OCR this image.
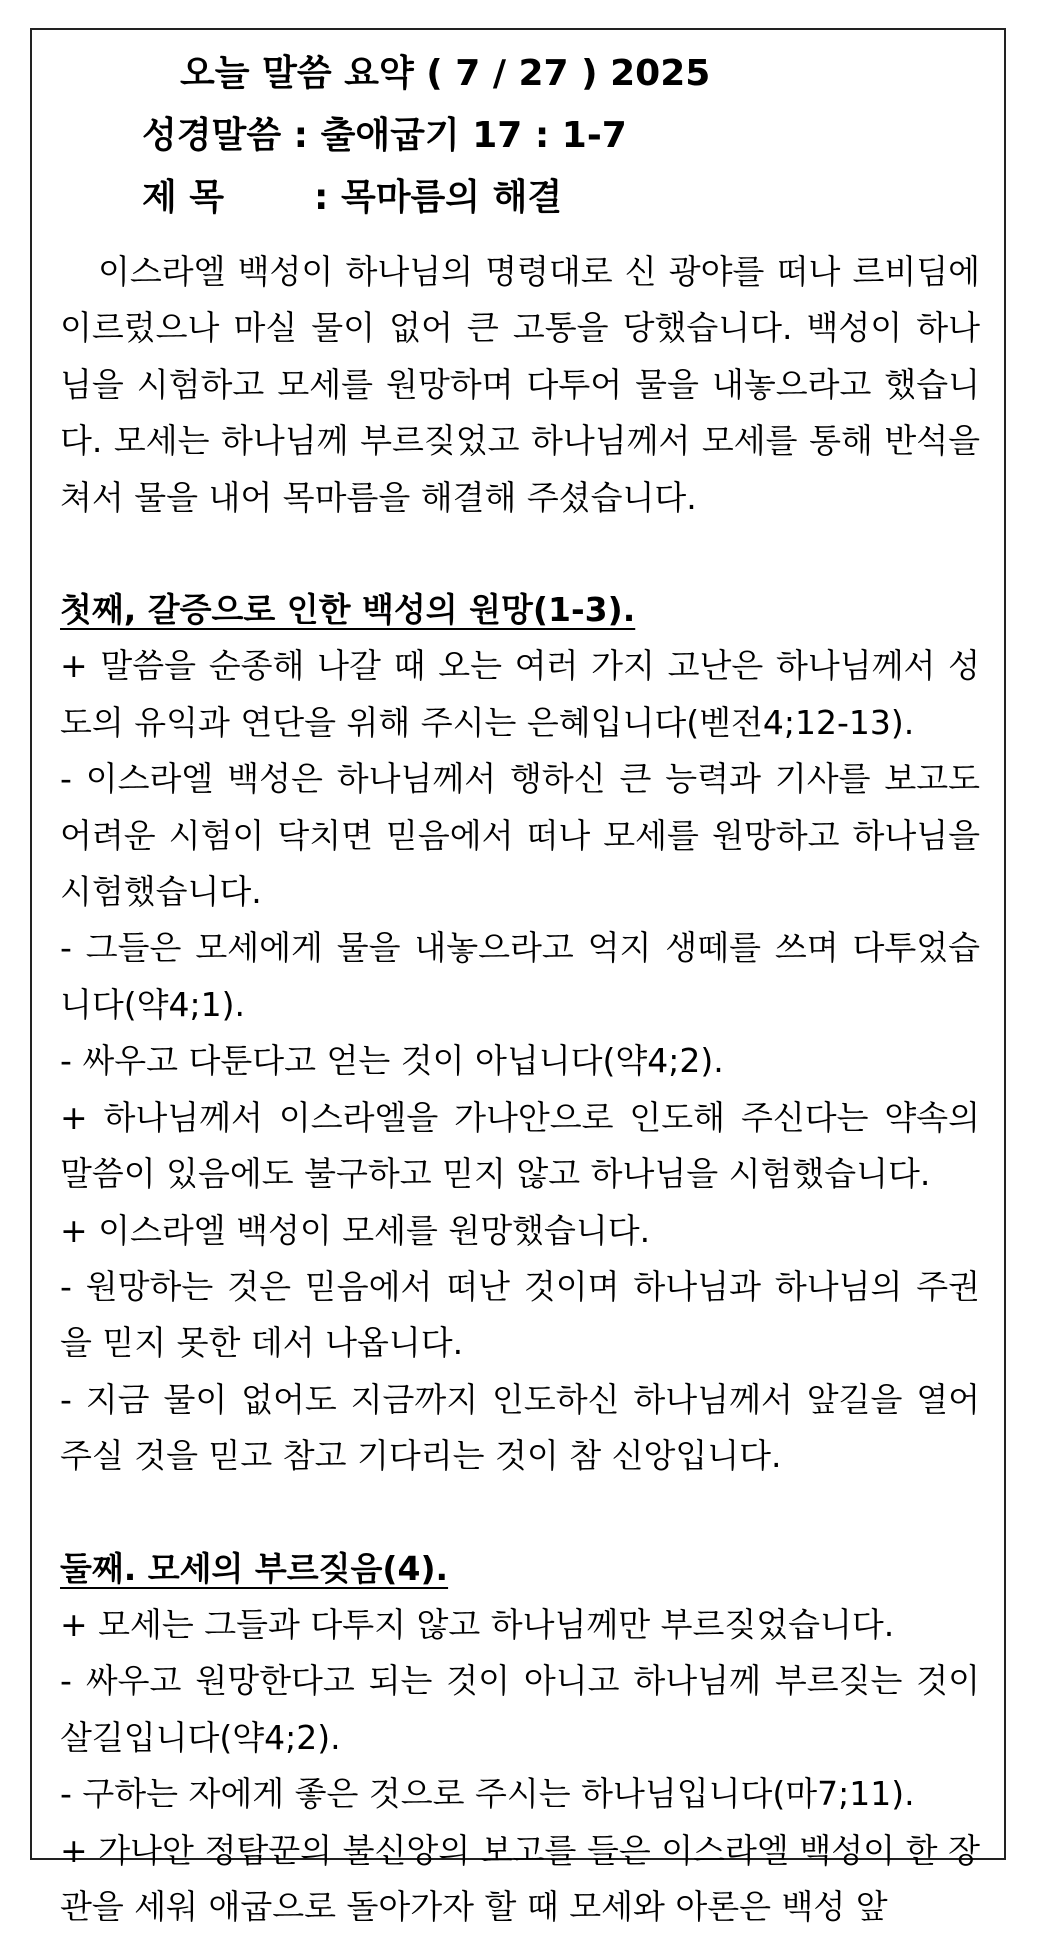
오늘 말씀 요약 ( 7 / 27 ) 2025
성경말씀 : 출애굽기 17 : 1-7
제 목 : 목마름의 해결

이스라엘 백성이 하나님의 명령대로 신 광야를 떠나 르비딤에 이르렀으나 마실 물이 없어 큰 고통을 당했습니다. 백성이 하나님을 시험하고 모세를 원망하며 다투어 물을 내놓으라고 했습니다. 모세는 하나님께 부르짖었고 하나님께서 모세를 통해 반석을 쳐서 물을 내어 목마름을 해결해 주셨습니다.

첫째, 갈증으로 인한 백성의 원망(1-3).

+ 말씀을 순종해 나갈 때 오는 여러 가지 고난은 하나님께서 성도의 유익과 연단을 위해 주시는 은혜입니다(벧전4;12-13).

- 이스라엘 백성은 하나님께서 행하신 큰 능력과 기사를 보고도 어려운 시험이 닥치면 믿음에서 떠나 모세를 원망하고 하나님을 시험했습니다.

- 그들은 모세에게 물을 내놓으라고 억지 생떼를 쓰며 다투었습니다(약4;1).

- 싸우고 다툰다고 얻는 것이 아닙니다(약4;2).

+ 하나님께서 이스라엘을 가나안으로 인도해 주신다는 약속의 말씀이 있음에도 불구하고 믿지 않고 하나님을 시험했습니다.

+ 이스라엘 백성이 모세를 원망했습니다.

- 원망하는 것은 믿음에서 떠난 것이며 하나님과 하나님의 주권을 믿지 못한 데서 나옵니다.

- 지금 물이 없어도 지금까지 인도하신 하나님께서 앞길을 열어주실 것을 믿고 참고 기다리는 것이 참 신앙입니다.

둘째. 모세의 부르짖음(4).

+ 모세는 그들과 다투지 않고 하나님께만 부르짖었습니다.

- 싸우고 원망한다고 되는 것이 아니고 하나님께 부르짖는 것이 살길입니다(약4;2).

- 구하는 자에게 좋은 것으로 주시는 하나님입니다(마7;11).

+ 가나안 정탐꾼의 불신앙의 보고를 들은 이스라엘 백성이 한 장관을 세워 애굽으로 돌아가자 할 때 모세와 아론은 백성 앞
